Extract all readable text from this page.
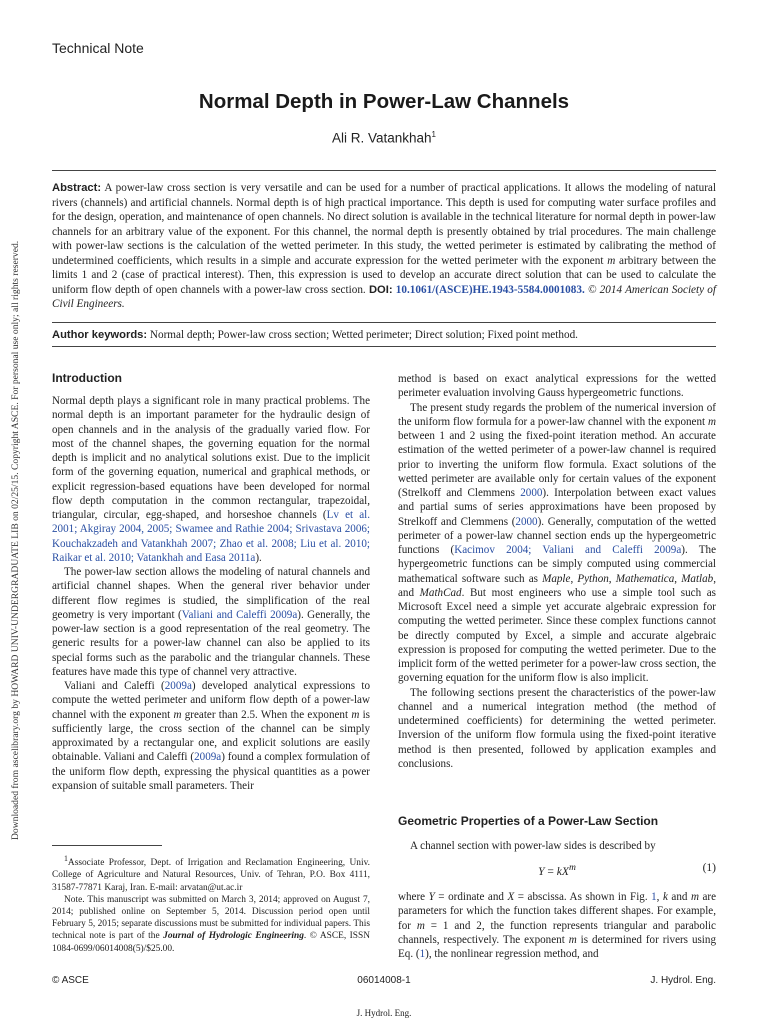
Downloaded from ascelibrary.org by HOWARD UNIV-UNDERGRADUATE LIB on 02/25/15. Copyright ASCE. For personal use only; all rights reserved.
Technical Note
Normal Depth in Power-Law Channels
Ali R. Vatankhah$^1$
Abstract: A power-law cross section is very versatile and can be used for a number of practical applications. It allows the modeling of natural rivers (channels) and artificial channels. Normal depth is of high practical importance. This depth is used for computing water surface profiles and for the design, operation, and maintenance of open channels. No direct solution is available in the technical literature for normal depth in power-law channels for an arbitrary value of the exponent. For this channel, the normal depth is presently obtained by trial procedures. The main challenge with power-law sections is the calculation of the wetted perimeter. In this study, the wetted perimeter is estimated by calibrating the method of undetermined coefficients, which results in a simple and accurate expression for the wetted perimeter with the exponent m arbitrary between the limits 1 and 2 (case of practical interest). Then, this expression is used to develop an accurate direct solution that can be used to calculate the uniform flow depth of open channels with a power-law cross section. DOI: 10.1061/(ASCE)HE.1943-5584.0001083. © 2014 American Society of Civil Engineers.
Author keywords: Normal depth; Power-law cross section; Wetted perimeter; Direct solution; Fixed point method.
Introduction

Normal depth plays a significant role in many practical problems. The normal depth is an important parameter for the hydraulic design of open channels and in the analysis of the gradually varied flow. For most of the channel shapes, the governing equation for the normal depth is implicit and no analytical solutions exist. Due to the implicit form of the governing equation, numerical and graphical methods, or explicit regression-based equations have been developed for normal flow depth computation in the common rectangular, trapezoidal, triangular, circular, egg-shaped, and horseshoe channels (Lv et al. 2001; Akgiray 2004, 2005; Swamee and Rathie 2004; Srivastava 2006; Kouchakzadeh and Vatankhah 2007; Zhao et al. 2008; Liu et al. 2010; Raikar et al. 2010; Vatankhah and Easa 2011a).

The power-law section allows the modeling of natural channels and artificial channel shapes. When the general river behavior under different flow regimes is studied, the simplification of the real geometry is very important (Valiani and Caleffi 2009a). Generally, the power-law section is a good representation of the real geometry. The generic results for a power-law channel can also be applied to its special forms such as the parabolic and the triangular channels. These features have made this type of channel very attractive.

Valiani and Caleffi (2009a) developed analytical expressions to compute the wetted perimeter and uniform flow depth of a power-law channel with the exponent m greater than 2.5. When the exponent m is sufficiently large, the cross section of the channel can be simply approximated by a rectangular one, and explicit solutions are easily obtainable. Valiani and Caleffi (2009a) found a complex formulation of the uniform flow depth, expressing the physical quantities as a power expansion of suitable small parameters. Their

method is based on exact analytical expressions for the wetted perimeter evaluation involving Gauss hypergeometric functions.

The present study regards the problem of the numerical inversion of the uniform flow formula for a power-law channel with the exponent m between 1 and 2 using the fixed-point iteration method. An accurate estimation of the wetted perimeter of a power-law channel is required prior to inverting the uniform flow formula. Exact solutions of the wetted perimeter are available only for certain values of the exponent (Strelkoff and Clemmens 2000). Interpolation between exact values and partial sums of series approximations have been proposed by Strelkoff and Clemmens (2000). Generally, computation of the wetted perimeter of a power-law channel section ends up the hypergeometric functions (Kacimov 2004; Valiani and Caleffi 2009a). The hypergeometric functions can be simply computed using commercial mathematical software such as Maple, Python, Mathematica, Matlab, and MathCad. But most engineers who use a simple tool such as Microsoft Excel need a simple yet accurate algebraic expression for computing the wetted perimeter. Since these complex functions cannot be directly computed by Excel, a simple and accurate algebraic expression is proposed for computing the wetted perimeter. Due to the implicit form of the wetted perimeter for a power-law cross section, the governing equation for the uniform flow is also implicit.

The following sections present the characteristics of the power-law channel and a numerical integration method (the method of undetermined coefficients) for determining the wetted perimeter. Inversion of the uniform flow formula using the fixed-point iterative method is then presented, followed by application examples and conclusions.

Geometric Properties of a Power-Law Section

A channel section with power-law sides is described by

$Y = kX^m$	(1)

where Y = ordinate and X = abscissa. As shown in Fig. 1, k and m are parameters for which the function takes different shapes. For example, for m = 1 and 2, the function represents triangular and parabolic channels, respectively. The exponent m is determined for rivers using Eq. (1), the nonlinear regression method, and

$^1$Associate Professor, Dept. of Irrigation and Reclamation Engineering, Univ. College of Agriculture and Natural Resources, Univ. of Tehran, P.O. Box 4111, 31587-77871 Karaj, Iran. E-mail: arvatan@ut.ac.ir

Note. This manuscript was submitted on March 3, 2014; approved on August 7, 2014; published online on September 5, 2014. Discussion period open until February 5, 2015; separate discussions must be submitted for individual papers. This technical note is part of the Journal of Hydrologic Engineering. © ASCE, ISSN 1084-0699/06014008(5)/$25.00.

© ASCE	06014008-1	J. Hydrol. Eng.
J. Hydrol. Eng.
